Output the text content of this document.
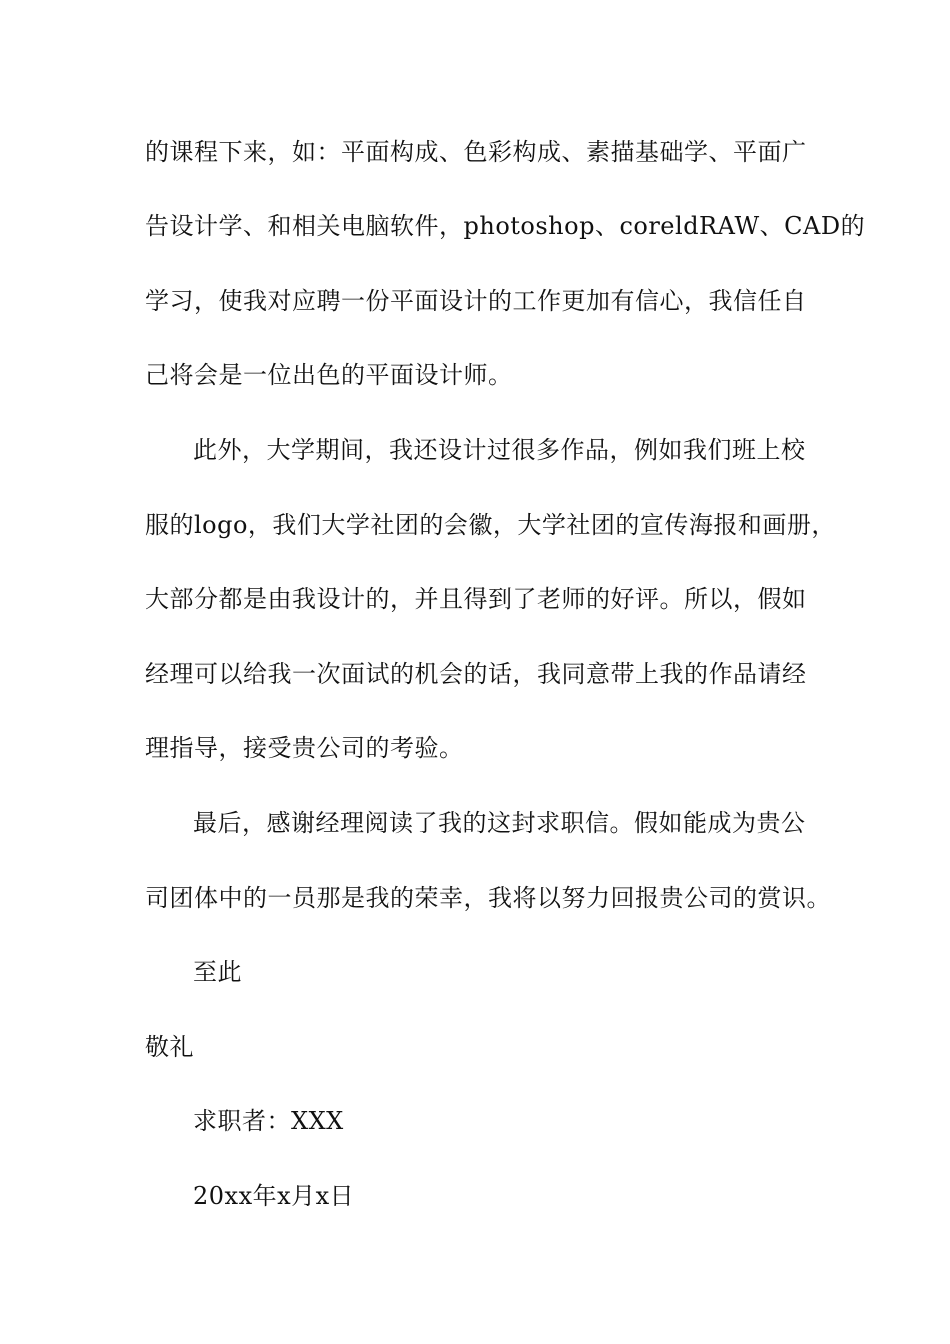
的课程下来，如：平面构成、色彩构成、素描基础学、平面广
告设计学、和相关电脑软件，photoshop、coreldRAW、CAD的
学习，使我对应聘一份平面设计的工作更加有信心，我信任自
己将会是一位出色的平面设计师。
此外，大学期间，我还设计过很多作品，例如我们班上校
服的logo，我们大学社团的会徽，大学社团的宣传海报和画册，
大部分都是由我设计的，并且得到了老师的好评。所以，假如
经理可以给我一次面试的机会的话，我同意带上我的作品请经
理指导，接受贵公司的考验。
最后，感谢经理阅读了我的这封求职信。假如能成为贵公
司团体中的一员那是我的荣幸，我将以努力回报贵公司的赏识。
至此
敬礼
求职者：XXX
20xx年x月x日
